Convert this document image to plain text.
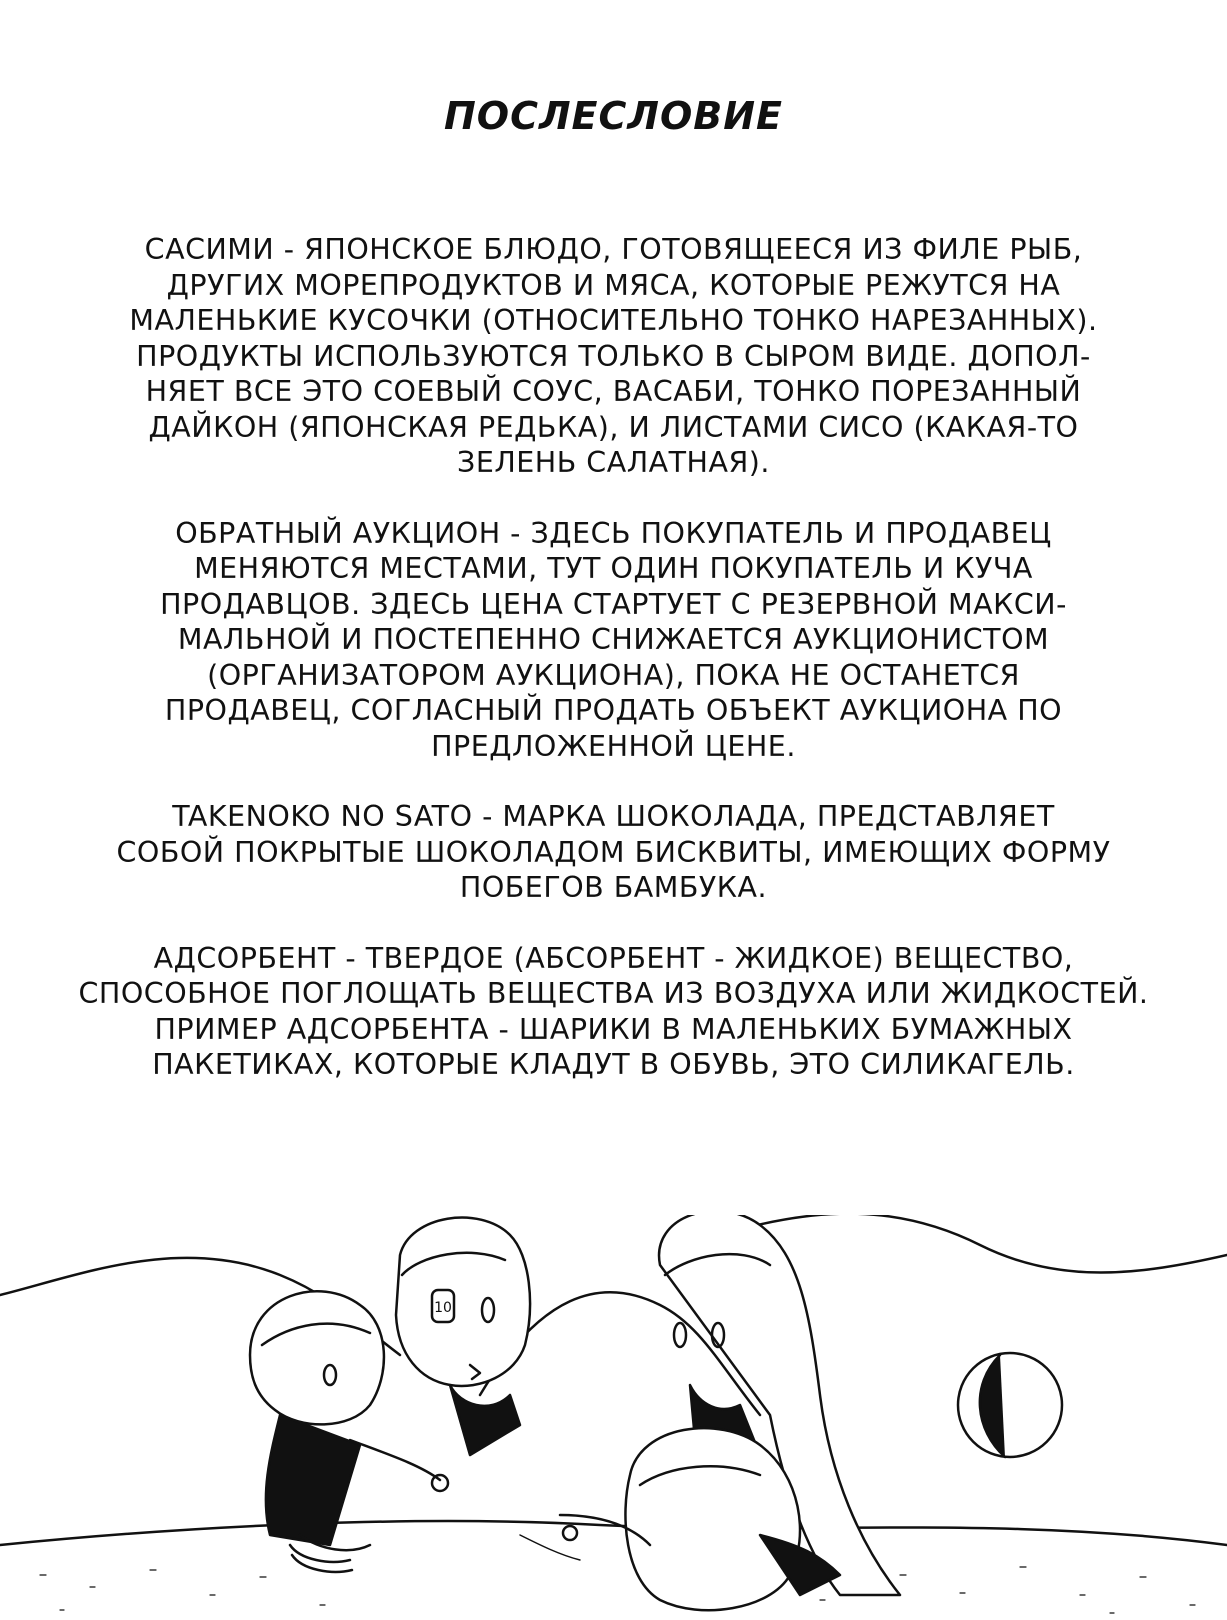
ПОСЛЕСЛОВИЕ

САСИМИ - ЯПОНСКОЕ БЛЮДО, ГОТОВЯЩЕЕСЯ ИЗ ФИЛЕ РЫБ,
ДРУГИХ МОРЕПРОДУКТОВ И МЯСА, КОТОРЫЕ РЕЖУТСЯ НА
МАЛЕНЬКИЕ КУСОЧКИ (ОТНОСИТЕЛЬНО ТОНКО НАРЕЗАННЫХ).
ПРОДУКТЫ ИСПОЛЬЗУЮТСЯ ТОЛЬКО В СЫРОМ ВИДЕ. ДОПОЛ-
НЯЕТ ВСЕ ЭТО СОЕВЫЙ СОУС, ВАСАБИ, ТОНКО ПОРЕЗАННЫЙ
ДАЙКОН (ЯПОНСКАЯ РЕДЬКА), И ЛИСТАМИ СИСО (КАКАЯ-ТО
ЗЕЛЕНЬ САЛАТНАЯ).

ОБРАТНЫЙ АУКЦИОН - ЗДЕСЬ ПОКУПАТЕЛЬ И ПРОДАВЕЦ
МЕНЯЮТСЯ МЕСТАМИ, ТУТ ОДИН ПОКУПАТЕЛЬ И КУЧА
ПРОДАВЦОВ. ЗДЕСЬ ЦЕНА СТАРТУЕТ С РЕЗЕРВНОЙ МАКСИ-
МАЛЬНОЙ И ПОСТЕПЕННО СНИЖАЕТСЯ АУКЦИОНИСТОМ
(ОРГАНИЗАТОРОМ АУКЦИОНА), ПОКА НЕ ОСТАНЕТСЯ
ПРОДАВЕЦ, СОГЛАСНЫЙ ПРОДАТЬ ОБЪЕКТ АУКЦИОНА ПО
ПРЕДЛОЖЕННОЙ ЦЕНЕ.

TAKENOKO NO SATO - МАРКА ШОКОЛАДА, ПРЕДСТАВЛЯЕТ
СОБОЙ ПОКРЫТЫЕ ШОКОЛАДОМ БИСКВИТЫ, ИМЕЮЩИХ ФОРМУ
ПОБЕГОВ БАМБУКА.

АДСОРБЕНТ - ТВЕРДОЕ (АБСОРБЕНТ - ЖИДКОЕ) ВЕЩЕСТВО,
СПОСОБНОЕ ПОГЛОЩАТЬ ВЕЩЕСТВА ИЗ ВОЗДУХА ИЛИ ЖИДКОСТЕЙ.
ПРИМЕР АДСОРБЕНТА - ШАРИКИ В МАЛЕНЬКИХ БУМАЖНЫХ
ПАКЕТИКАХ, КОТОРЫЕ КЛАДУТ В ОБУВЬ, ЭТО СИЛИКАГЕЛЬ.

10
